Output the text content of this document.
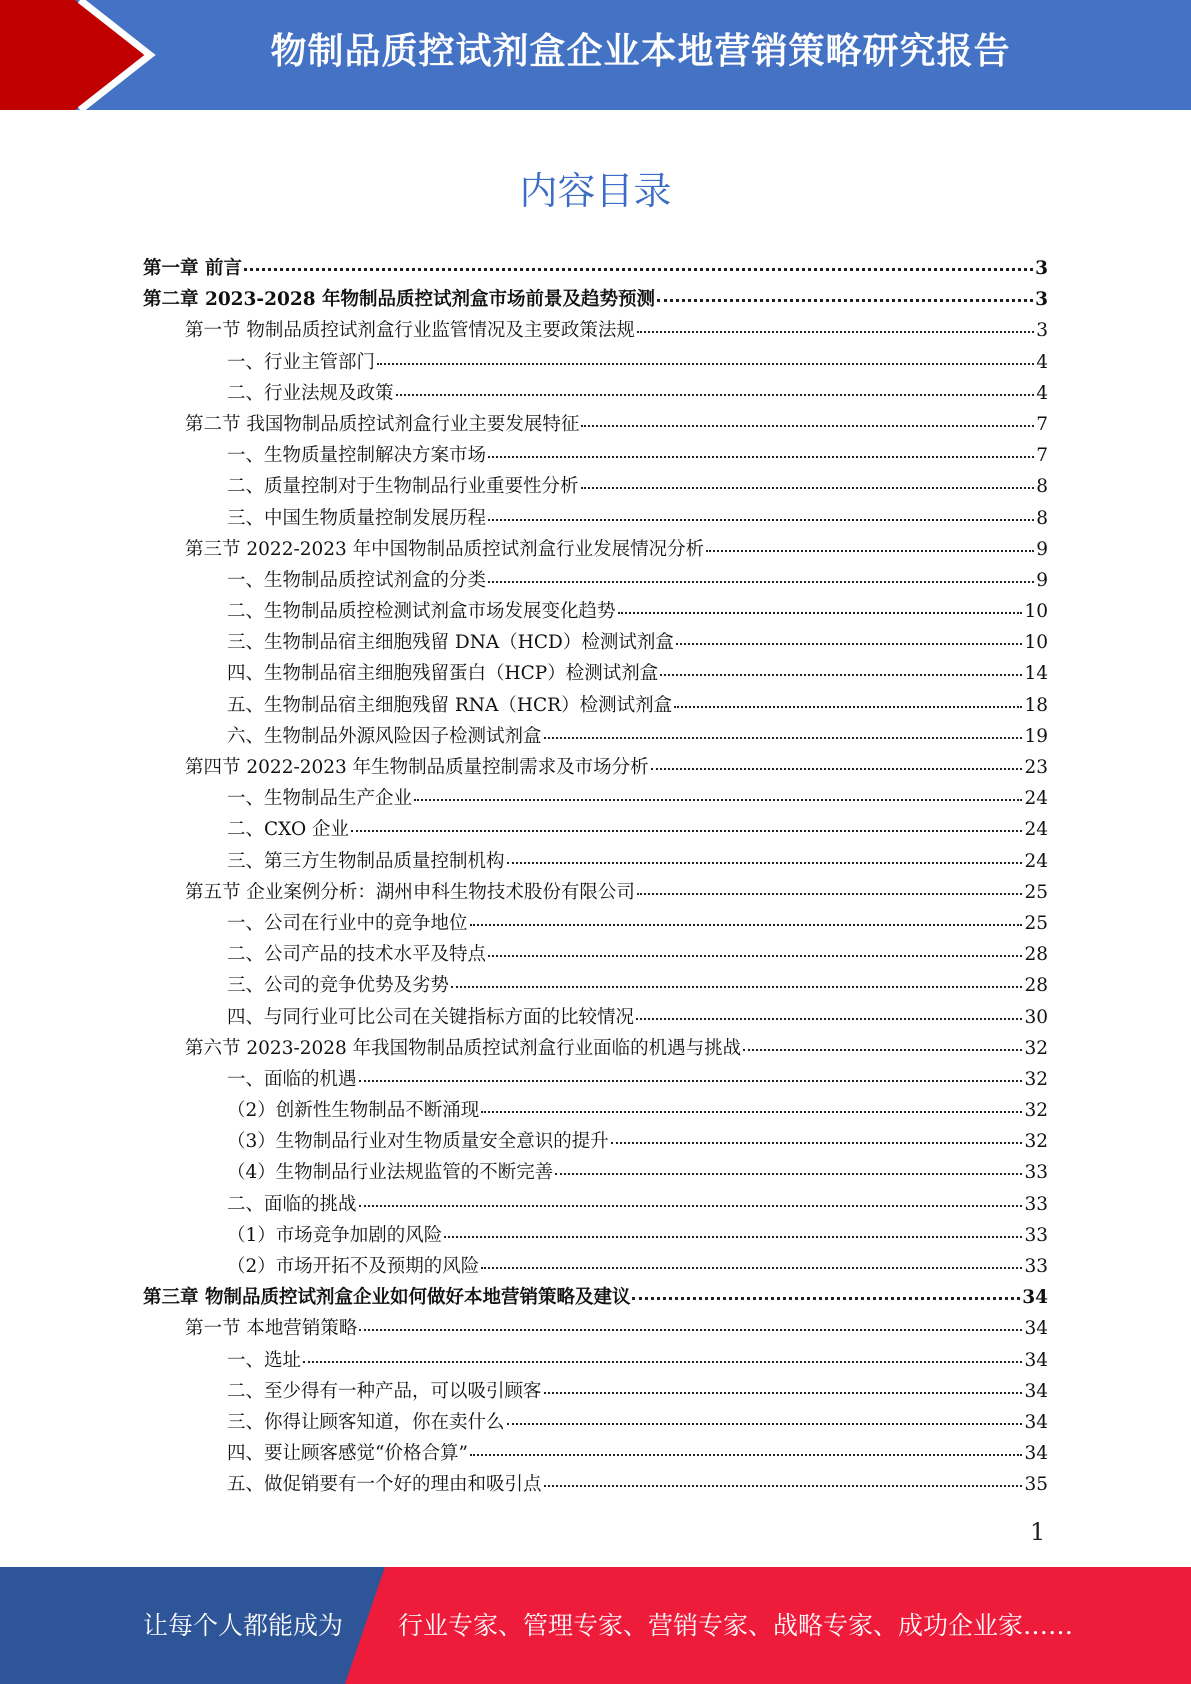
物制品质控试剂盒企业本地营销策略研究报告
内容目录
第一章 前言	3
第二章 2023-2028 年物制品质控试剂盒市场前景及趋势预测	3
第一节 物制品质控试剂盒行业监管情况及主要政策法规	3
一、行业主管部门	4
二、行业法规及政策	4
第二节 我国物制品质控试剂盒行业主要发展特征	7
一、生物质量控制解决方案市场	7
二、质量控制对于生物制品行业重要性分析	8
三、中国生物质量控制发展历程	8
第三节 2022-2023 年中国物制品质控试剂盒行业发展情况分析	9
一、生物制品质控试剂盒的分类	9
二、生物制品质控检测试剂盒市场发展变化趋势	10
三、生物制品宿主细胞残留 DNA（HCD）检测试剂盒	10
四、生物制品宿主细胞残留蛋白（HCP）检测试剂盒	14
五、生物制品宿主细胞残留 RNA（HCR）检测试剂盒	18
六、生物制品外源风险因子检测试剂盒	19
第四节 2022-2023 年生物制品质量控制需求及市场分析	23
一、生物制品生产企业	24
二、CXO 企业	24
三、第三方生物制品质量控制机构	24
第五节 企业案例分析：湖州申科生物技术股份有限公司	25
一、公司在行业中的竞争地位	25
二、公司产品的技术水平及特点	28
三、公司的竞争优势及劣势	28
四、与同行业可比公司在关键指标方面的比较情况	30
第六节 2023-2028 年我国物制品质控试剂盒行业面临的机遇与挑战	32
一、面临的机遇	32
（2）创新性生物制品不断涌现	32
（3）生物制品行业对生物质量安全意识的提升	32
（4）生物制品行业法规监管的不断完善	33
二、面临的挑战	33
（1）市场竞争加剧的风险	33
（2）市场开拓不及预期的风险	33
第三章 物制品质控试剂盒企业如何做好本地营销策略及建议	34
第一节 本地营销策略	34
一、选址	34
二、至少得有一种产品，可以吸引顾客	34
三、你得让顾客知道，你在卖什么	34
四、要让顾客感觉“价格合算”	34
五、做促销要有一个好的理由和吸引点	35
1
让每个人都能成为 行业专家、管理专家、营销专家、战略专家、成功企业家……
